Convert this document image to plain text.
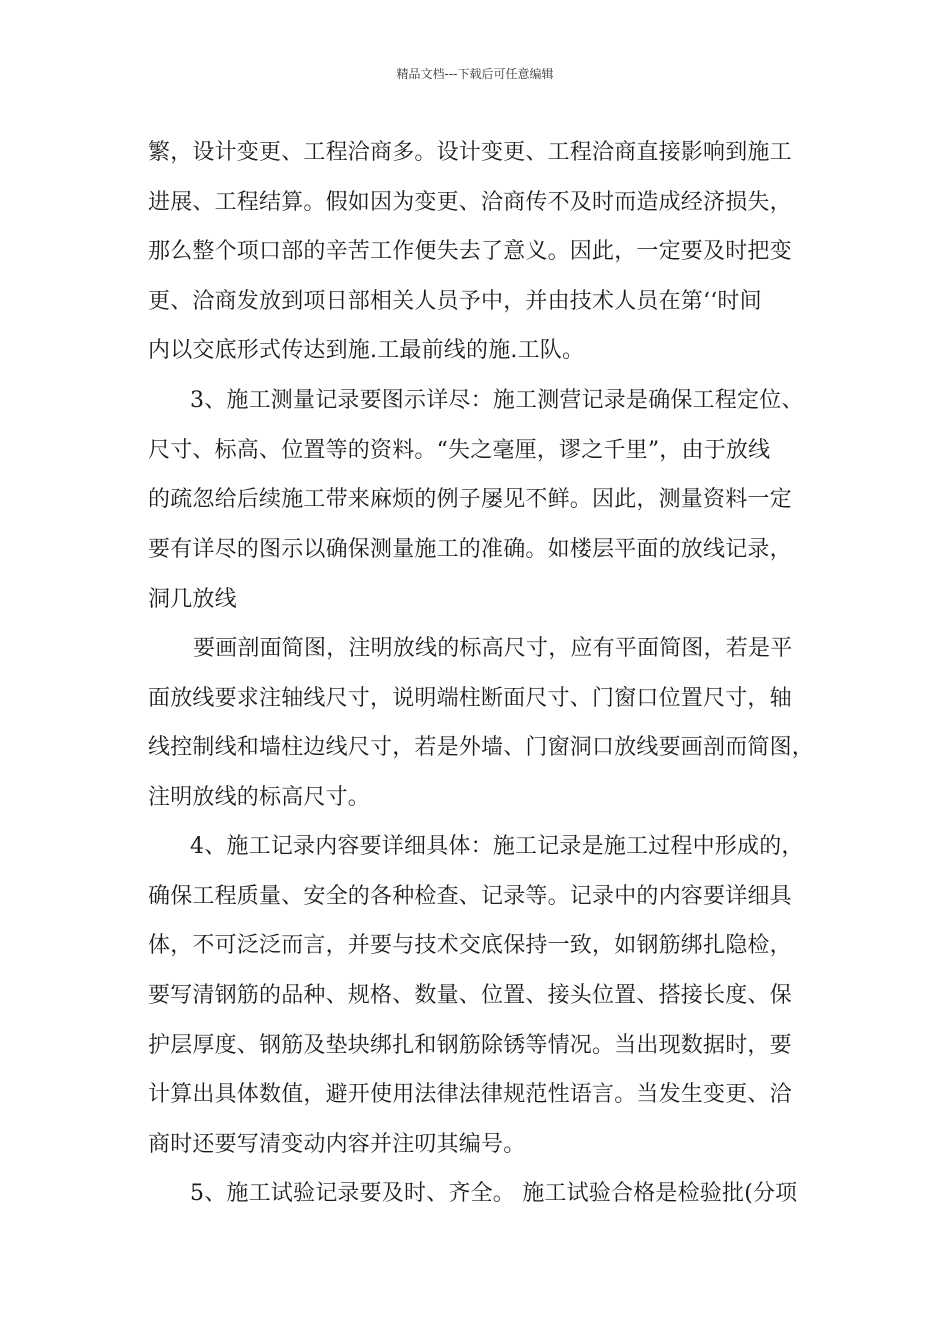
精品文档---下载后可任意编辑
繁，设计变更、工程洽商多。设计变更、工程洽商直接影响到施工
进展、工程结算。假如因为变更、洽商传不及时而造成经济损失，
那么整个项口部的辛苦工作便失去了意义。因此，一定要及时把变
更、洽商发放到项日部相关人员予中，并由技术人员在第‘‘时间
内以交底形式传达到施.工最前线的施.工队。
3、施工测量记录要图示详尽：施工测营记录是确保工程定位、
尺寸、标高、位置等的资料。“失之毫厘，谬之千里”，由于放线
的疏忽给后续施工带来麻烦的例子屡见不鲜。因此，测量资料一定
要有详尽的图示以确保测量施工的准确。如楼层平面的放线记录，
洞几放线
要画剖面简图，注明放线的标高尺寸，应有平面简图，若是平
面放线要求注轴线尺寸，说明端柱断面尺寸、门窗口位置尺寸，轴
线控制线和墙柱边线尺寸，若是外墙、门窗洞口放线要画剖而简图，
注明放线的标高尺寸。
4、施工记录内容要详细具体：施工记录是施工过程中形成的，
确保工程质量、安全的各种检查、记录等。记录中的内容要详细具
体，不可泛泛而言，并要与技术交底保持一致，如钢筋绑扎隐检，
要写清钢筋的品种、规格、数量、位置、接头位置、搭接长度、保
护层厚度、钢筋及垫块绑扎和钢筋除锈等情况。当出现数据时，要
计算出具体数值，避开使用法律法律规范性语言。当发生变更、洽
商时还要写清变动内容并注叨其编号。
5、施工试验记录要及时、齐全。 施工试验合格是检验批(分项
